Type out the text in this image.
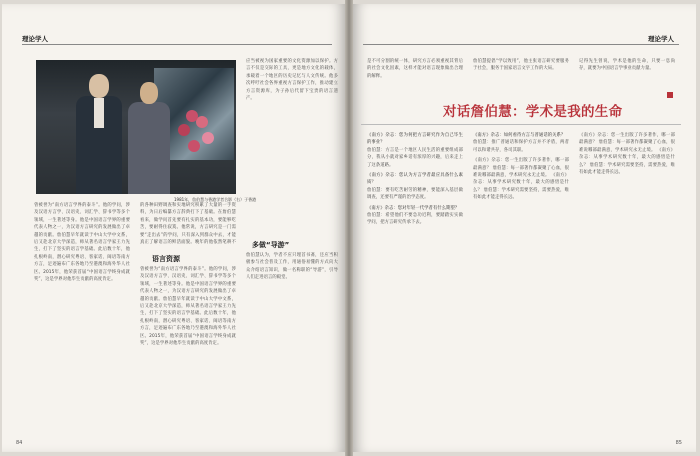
理论学人
1981年，詹伯慧与香港学者合影（右）于香港
曾被誉为“南方语言学界的泰斗”。他的学问，涉及汉语方言学、汉语史、词汇学、辞书学等多个领域，一生著述等身。他是中国语言学界的重要代表人物之一，为汉语方言研究的发展做出了卓越的贡献。詹伯慧早年就读于中山大学中文系，后又赴北京大学深造，师从著名语言学家王力先生，打下了坚实的语言学基础。此后数十年，他扎根岭南，潜心研究粤语、客家话、闽语等南方方言，足迹遍布广东各地乃至港澳和海外华人社区。2015年，他荣获首届“中国语言学终身成就奖”，这是学界对他毕生贡献的高度肯定。
的各种田野调查和实地研究积累了大量的一手资料，为日后编纂方言辞典打下了基础。在詹伯慧看来，做学问首先要有扎实的基本功，要能够吃苦，要耐得住寂寞。他常说，方言研究是一门需要“走出去”的学问，只有深入到群众中去，才能真正了解语言的鲜活面貌。晚年的他依然笔耕不
语言资源
曾被誉为“南方语言学界的泰斗”。他的学问，涉及汉语方言学、汉语史、词汇学、辞书学等多个领域，一生著述等身。他是中国语言学界的重要代表人物之一，为汉语方言研究的发展做出了卓越的贡献。詹伯慧早年就读于中山大学中文系，后又赴北京大学深造，师从著名语言学家王力先生，打下了坚实的语言学基础。此后数十年，他扎根岭南，潜心研究粤语、客家话、闽语等南方方言，足迹遍布广东各地乃至港澳和海外华人社区。2015年，他荣获首届“中国语言学终身成就奖”，这是学界对他毕生贡献的高度肯定。
应当被视为国家重要的文化资源加以保护。方言不仅是交际的工具，更是地方文化的载体，承载着一个地区的历史记忆与人文传统。他多次呼吁社会各界重视方言保护工作，推动建立方言资源库，为子孙后代留下宝贵的语言遗产。
多做“导游”
詹伯慧认为，学者不应只埋首书斋，还应当积极参与社会普及工作，用通俗易懂的方式向大众介绍语言知识，做一名称职的“导游”，引导人们走进语言的殿堂。
84
理论学人
是不可分割的统一体，研究方言必须重视其背后的社会文化因素，这样才能对语言现象做出合理的解释。
詹伯慧提倡“学以致用”，他主张语言研究要服务于社会，服务于国家语言文字工作的大局。
记得先生曾说，学术是他的生命，只要一息尚存，就要为中国语言学事业贡献力量。
对话詹伯慧：学术是我的生命
《南方》杂志：您为何把方言研究作为自己毕生的事业？
詹伯慧：方言是一个地区人民生活的重要组成部分，我从小就对家乡话有浓厚的兴趣，后来走上了这条道路。
《南方》杂志：您认为方言学者最应具备什么素质？
詹伯慧：要有吃苦耐劳的精神，要能深入基层做调查，还要有严谨的治学态度。
《南方》杂志：您对年轻一代学者有什么期望？
詹伯慧：希望他们不要急功近利，要踏踏实实做学问，把方言研究传承下去。
《南方》杂志：如何看待方言与普通话的关系？
詹伯慧：推广普通话和保护方言并不矛盾，两者可以和谐共存，各司其职。
《南方》杂志：您一生出版了许多著作，哪一部最满意？ 詹伯慧：每一部著作都凝聚了心血，很难说哪部最满意，学术研究永无止境。 《南方》杂志：从事学术研究数十年，最大的感悟是什么？ 詹伯慧：学术研究需要坚持，需要热爱，唯有如此才能走得长远。
《南方》杂志：您一生出版了许多著作，哪一部最满意？ 詹伯慧：每一部著作都凝聚了心血，很难说哪部最满意，学术研究永无止境。 《南方》杂志：从事学术研究数十年，最大的感悟是什么？ 詹伯慧：学术研究需要坚持，需要热爱，唯有如此才能走得长远。
85
